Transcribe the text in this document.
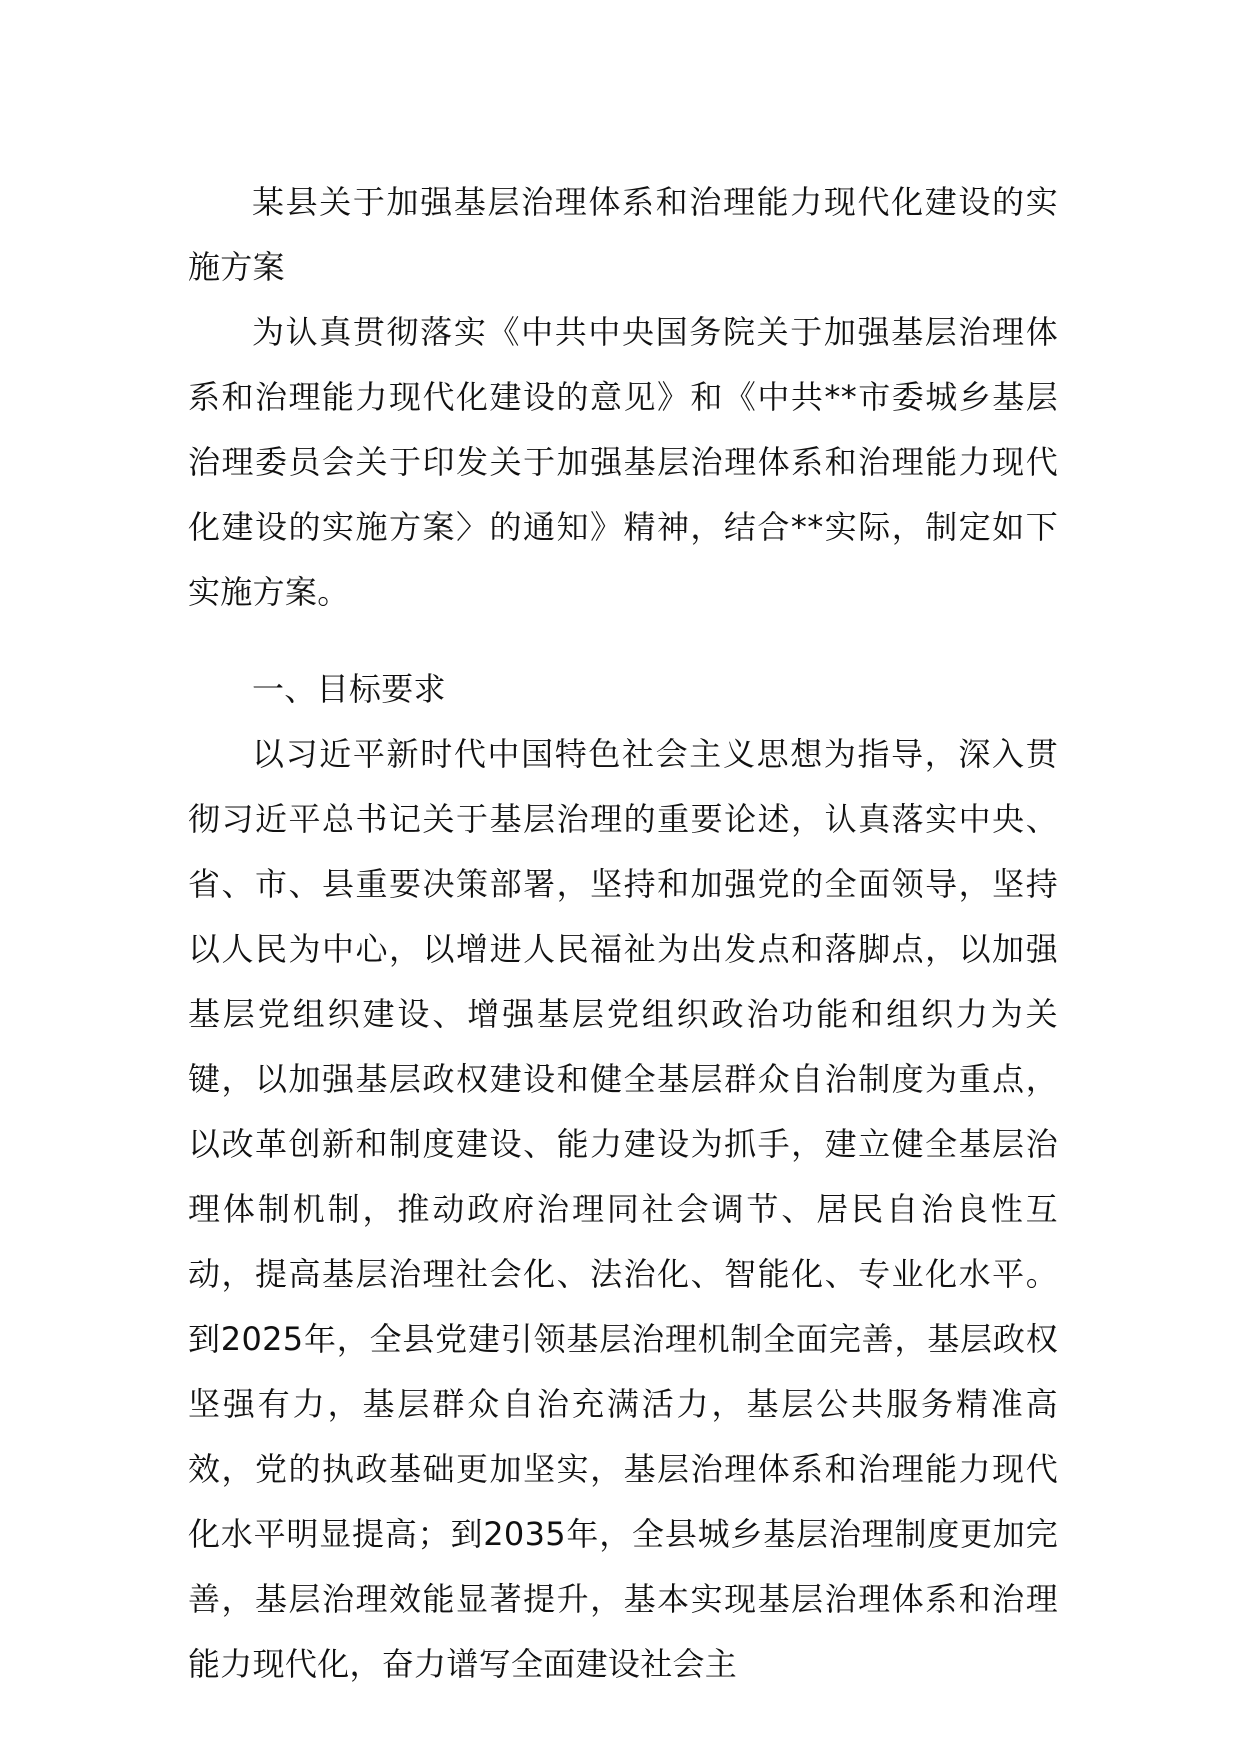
某县关于加强基层治理体系和治理能力现代化建设的实施方案

为认真贯彻落实《中共中央国务院关于加强基层治理体系和治理能力现代化建设的意见》和《中共**市委城乡基层治理委员会关于印发关于加强基层治理体系和治理能力现代化建设的实施方案〉的通知》精神，结合**实际，制定如下实施方案。

一、目标要求

以习近平新时代中国特色社会主义思想为指导，深入贯彻习近平总书记关于基层治理的重要论述，认真落实中央、省、市、县重要决策部署，坚持和加强党的全面领导，坚持以人民为中心，以增进人民福祉为出发点和落脚点，以加强基层党组织建设、增强基层党组织政治功能和组织力为关键，以加强基层政权建设和健全基层群众自治制度为重点，以改革创新和制度建设、能力建设为抓手，建立健全基层治理体制机制，推动政府治理同社会调节、居民自治良性互动，提高基层治理社会化、法治化、智能化、专业化水平。到2025年，全县党建引领基层治理机制全面完善，基层政权坚强有力，基层群众自治充满活力，基层公共服务精准高效，党的执政基础更加坚实，基层治理体系和治理能力现代化水平明显提高；到2035年，全县城乡基层治理制度更加完善，基层治理效能显著提升，基本实现基层治理体系和治理能力现代化，奋力谱写全面建设社会主
